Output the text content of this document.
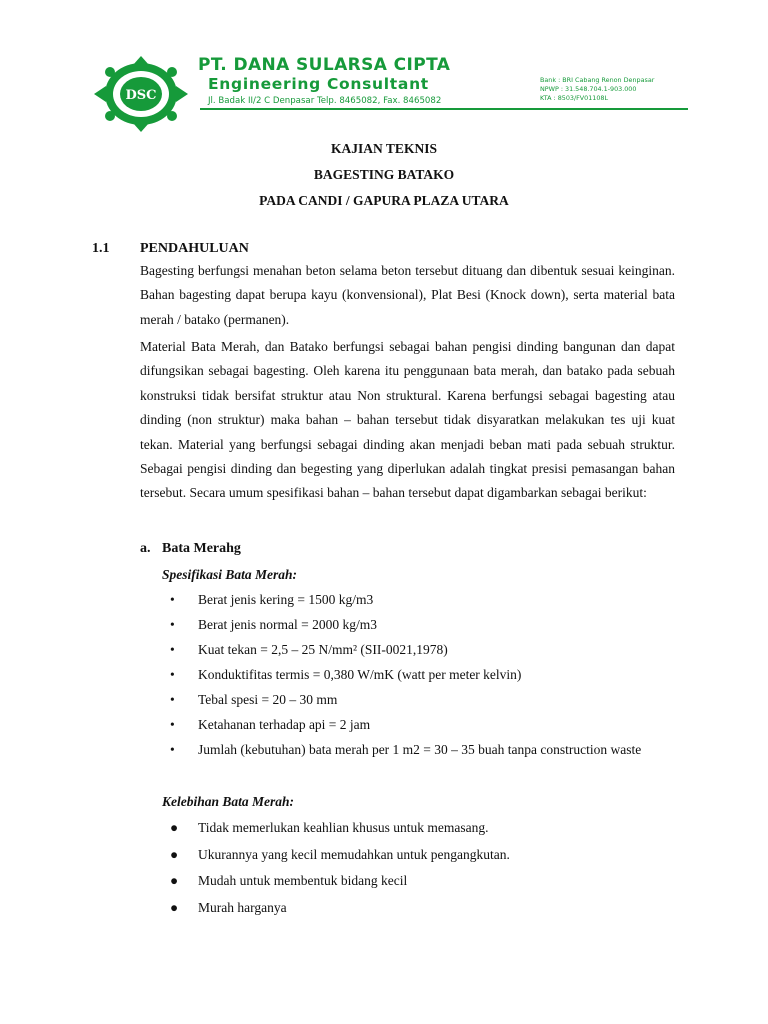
DSC
PT. DANA SULARSA CIPTA
Engineering Consultant
Jl. Badak II/2 C Denpasar Telp. 8465082, Fax. 8465082
Bank : BRI Cabang Renon Denpasar
NPWP : 31.548.704.1-903.000
KTA : 8503/FV01108L
KAJIAN TEKNIS
BAGESTING BATAKO
PADA CANDI / GAPURA PLAZA UTARA
1.1 PENDAHULUAN

Bagesting berfungsi menahan beton selama beton tersebut dituang dan dibentuk sesuai keinginan. Bahan bagesting dapat berupa kayu (konvensional), Plat Besi (Knock down), serta material bata merah / batako (permanen).

Material Bata Merah, dan Batako berfungsi sebagai bahan pengisi dinding bangunan dan dapat difungsikan sebagai bagesting. Oleh karena itu penggunaan bata merah, dan batako pada sebuah konstruksi tidak bersifat struktur atau Non struktural. Karena berfungsi sebagai bagesting atau dinding (non struktur) maka bahan – bahan tersebut tidak disyaratkan melakukan tes uji kuat tekan. Material yang berfungsi sebagai dinding akan menjadi beban mati pada sebuah struktur. Sebagai pengisi dinding dan begesting yang diperlukan adalah tingkat presisi pemasangan bahan tersebut. Secara umum spesifikasi bahan – bahan tersebut dapat digambarkan sebagai berikut:

a. Bata Merahg
Spesifikasi Bata Merah:
• Berat jenis kering = 1500 kg/m3
• Berat jenis normal = 2000 kg/m3
• Kuat tekan = 2,5 – 25 N/mm² (SII-0021,1978)
• Konduktifitas termis = 0,380 W/mK (watt per meter kelvin)
• Tebal spesi = 20 – 30 mm
• Ketahanan terhadap api = 2 jam
• Jumlah (kebutuhan) bata merah per 1 m2 = 30 – 35 buah tanpa construction waste
Kelebihan Bata Merah:
● Tidak memerlukan keahlian khusus untuk memasang.
● Ukurannya yang kecil memudahkan untuk pengangkutan.
● Mudah untuk membentuk bidang kecil
● Murah harganya
